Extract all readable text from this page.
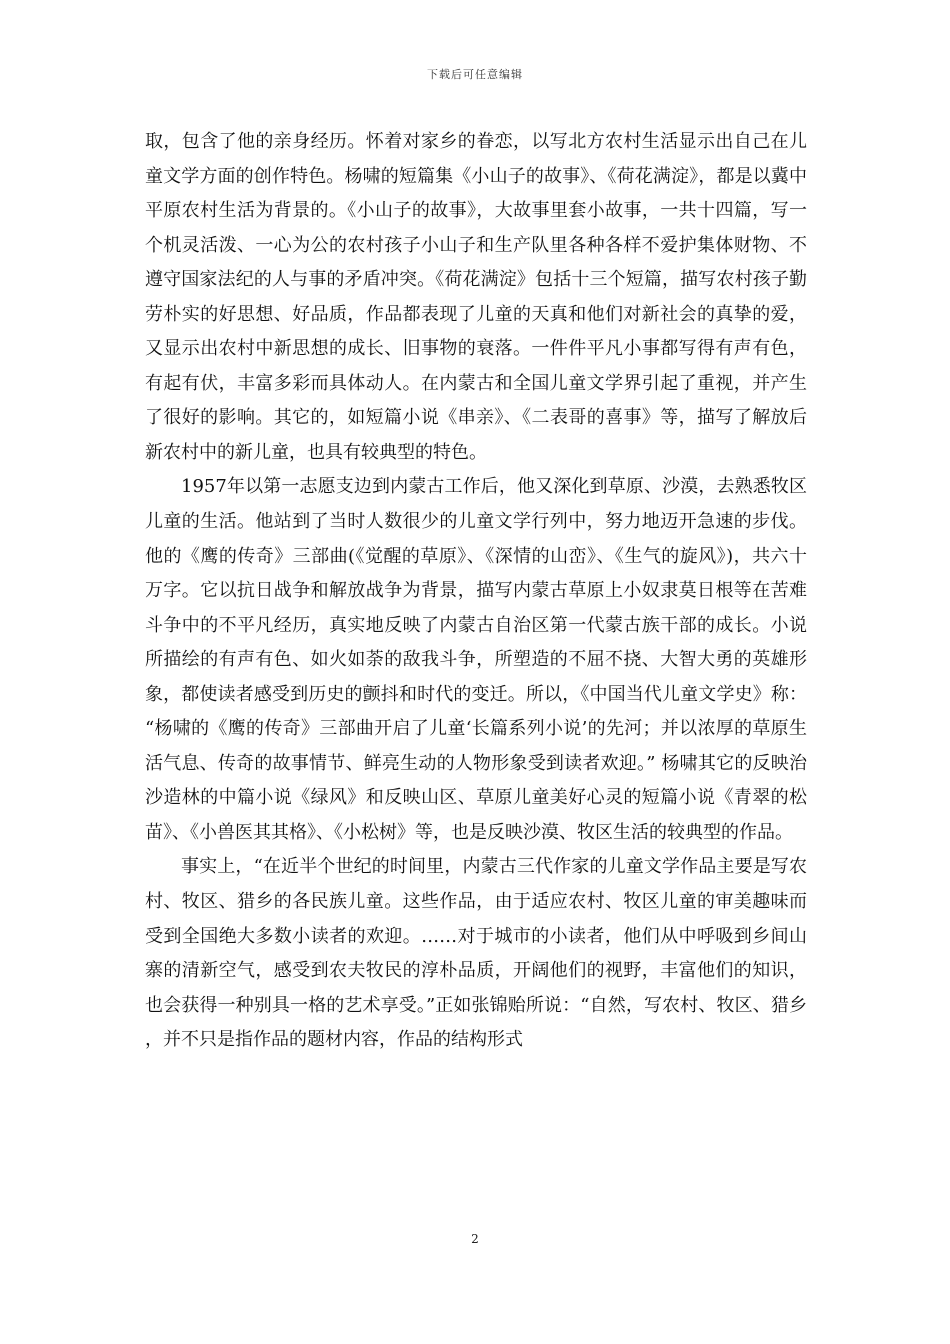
下载后可任意编辑

取，包含了他的亲身经历。怀着对家乡的眷恋，以写北方农村生活显示出自己在儿童文学方面的创作特色。杨啸的短篇集《小山子的故事》、《荷花满淀》，都是以冀中平原农村生活为背景的。《小山子的故事》，大故事里套小故事，一共十四篇，写一个机灵活泼、一心为公的农村孩子小山子和生产队里各种各样不爱护集体财物、不遵守国家法纪的人与事的矛盾冲突。《荷花满淀》包括十三个短篇，描写农村孩子勤劳朴实的好思想、好品质，作品都表现了儿童的天真和他们对新社会的真挚的爱，又显示出农村中新思想的成长、旧事物的衰落。一件件平凡小事都写得有声有色，有起有伏，丰富多彩而具体动人。在内蒙古和全国儿童文学界引起了重视，并产生了很好的影响。其它的，如短篇小说《串亲》、《二表哥的喜事》等，描写了解放后新农村中的新儿童，也具有较典型的特色。

1957年以第一志愿支边到内蒙古工作后，他又深化到草原、沙漠，去熟悉牧区儿童的生活。他站到了当时人数很少的儿童文学行列中，努力地迈开急速的步伐。他的《鹰的传奇》三部曲(《觉醒的草原》、《深情的山峦》、《生气的旋风》)，共六十万字。它以抗日战争和解放战争为背景，描写内蒙古草原上小奴隶莫日根等在苦难斗争中的不平凡经历，真实地反映了内蒙古自治区第一代蒙古族干部的成长。小说所描绘的有声有色、如火如荼的敌我斗争，所塑造的不屈不挠、大智大勇的英雄形象，都使读者感受到历史的颤抖和时代的变迁。所以，《中国当代儿童文学史》称：“杨啸的《鹰的传奇》三部曲开启了儿童‘长篇系列小说’的先河；并以浓厚的草原生活气息、传奇的故事情节、鲜亮生动的人物形象受到读者欢迎。” 杨啸其它的反映治沙造林的中篇小说《绿风》和反映山区、草原儿童美好心灵的短篇小说《青翠的松苗》、《小兽医其其格》、《小松树》等，也是反映沙漠、牧区生活的较典型的作品。

事实上，“在近半个世纪的时间里，内蒙古三代作家的儿童文学作品主要是写农村、牧区、猎乡的各民族儿童。这些作品，由于适应农村、牧区儿童的审美趣味而受到全国绝大多数小读者的欢迎。……对于城市的小读者，他们从中呼吸到乡间山寨的清新空气，感受到农夫牧民的淳朴品质，开阔他们的视野，丰富他们的知识，也会获得一种别具一格的艺术享受。”正如张锦贻所说：“自然，写农村、牧区、猎乡，并不只是指作品的题材内容，作品的结构形式

2
